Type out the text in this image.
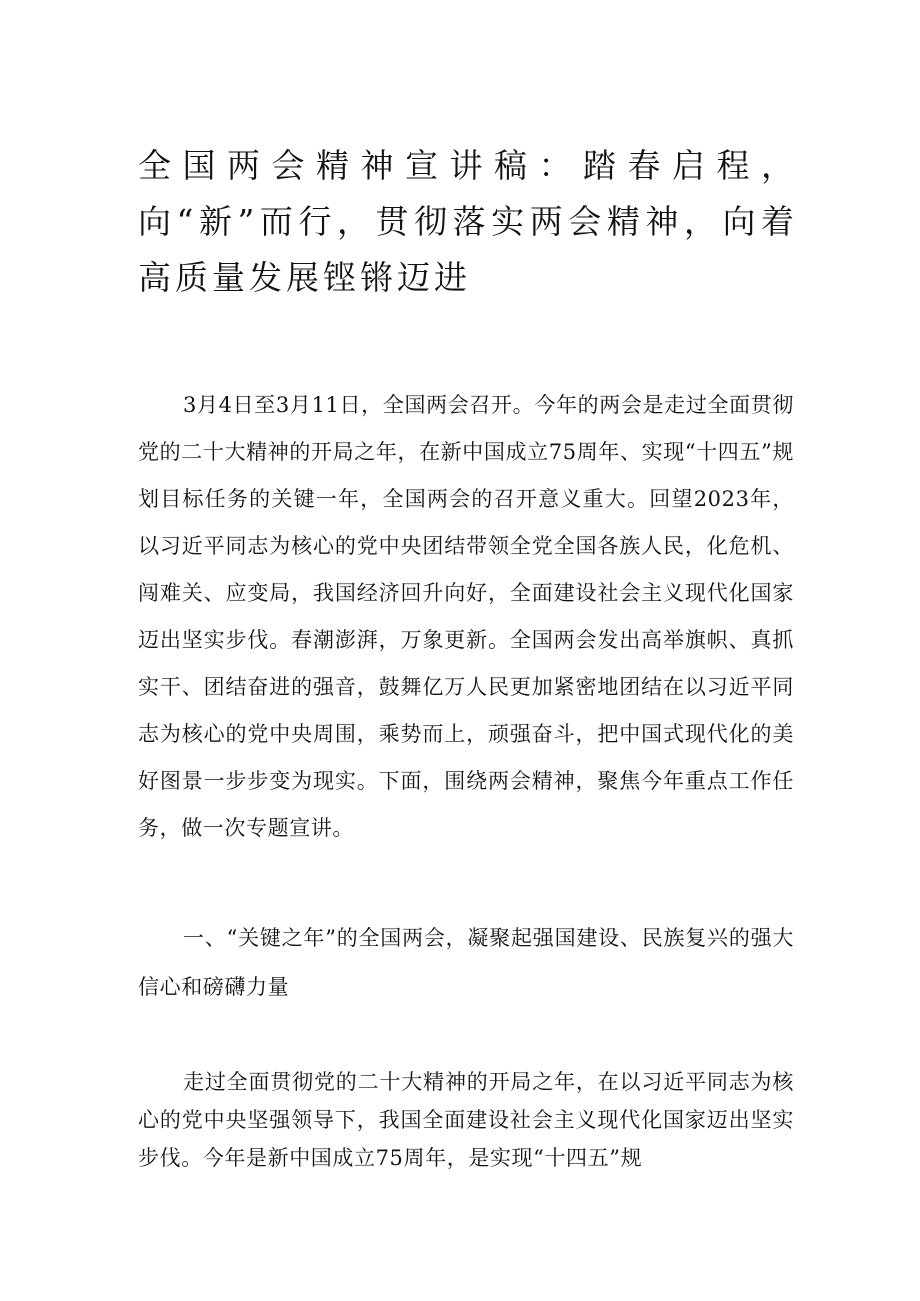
全国两会精神宣讲稿：踏春启程，向“新”而行，贯彻落实两会精神，向着高质量发展铿锵迈进

3月4日至3月11日，全国两会召开。今年的两会是走过全面贯彻党的二十大精神的开局之年，在新中国成立75周年、实现“十四五”规划目标任务的关键一年，全国两会的召开意义重大。回望2023年，以习近平同志为核心的党中央团结带领全党全国各族人民，化危机、闯难关、应变局，我国经济回升向好，全面建设社会主义现代化国家迈出坚实步伐。春潮澎湃，万象更新。全国两会发出高举旗帜、真抓实干、团结奋进的强音，鼓舞亿万人民更加紧密地团结在以习近平同志为核心的党中央周围，乘势而上，顽强奋斗，把中国式现代化的美好图景一步步变为现实。下面，围绕两会精神，聚焦今年重点工作任务，做一次专题宣讲。

一、“关键之年”的全国两会，凝聚起强国建设、民族复兴的强大信心和磅礴力量

走过全面贯彻党的二十大精神的开局之年，在以习近平同志为核心的党中央坚强领导下，我国全面建设社会主义现代化国家迈出坚实步伐。今年是新中国成立75周年，是实现“十四五”规
